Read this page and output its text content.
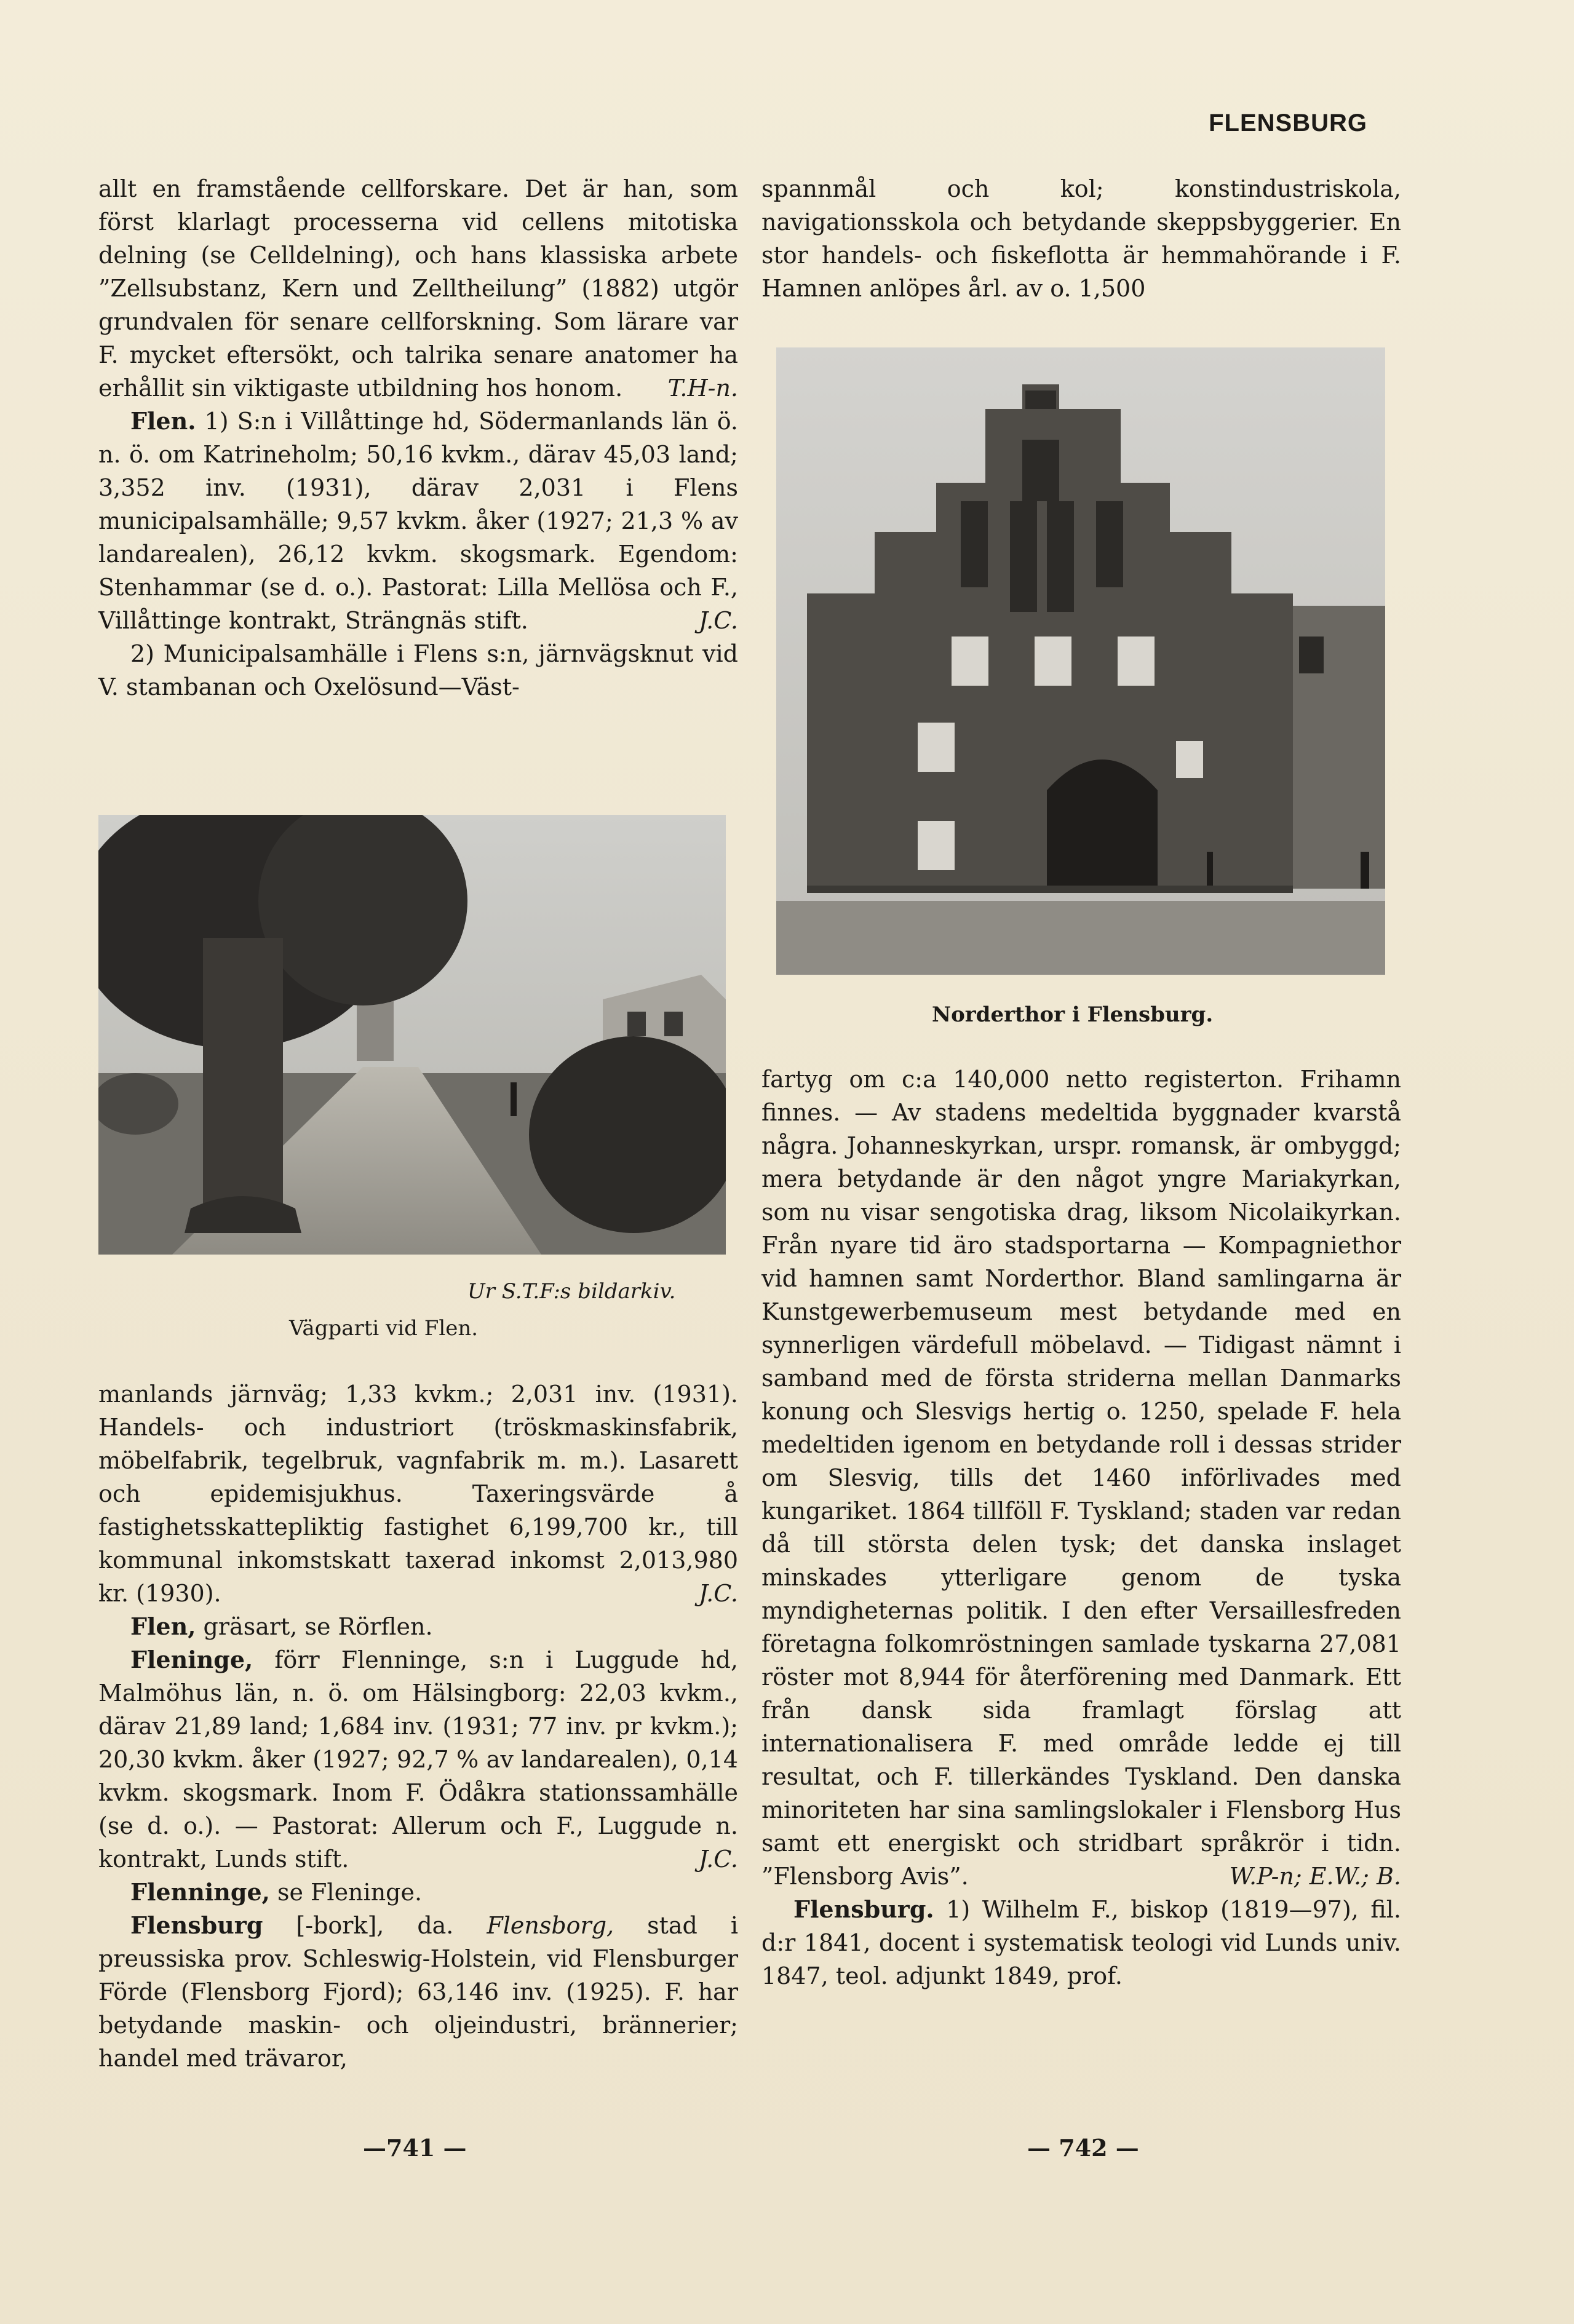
FLENSBURG

allt en framstående cellforskare. Det är han, som först klarlagt processerna vid cellens mitotiska delning (se Celldelning), och hans klassiska arbete ”Zellsubstanz, Kern und Zelltheilung” (1882) utgör grundvalen för senare cellforskning. Som lärare var F. mycket eftersökt, och talrika senare anatomer ha erhållit sin viktigaste utbildning hos honom. T.H-n.

Flen. 1) S:n i Villåttinge hd, Södermanlands län ö. n. ö. om Katrineholm; 50,16 kvkm., därav 45,03 land; 3,352 inv. (1931), därav 2,031 i Flens municipalsamhälle; 9,57 kvkm. åker (1927; 21,3 % av landarealen), 26,12 kvkm. skogsmark. Egendom: Stenhammar (se d. o.). Pastorat: Lilla Mellösa och F., Villåttinge kontrakt, Strängnäs stift.	J.C.

2) Municipalsamhälle i Flens s:n, järnvägsknut vid V. stambanan och Oxelösund—Väst-

Ur S.T.F:s bildarkiv.
Vägparti vid Flen.

manlands järnväg; 1,33 kvkm.; 2,031 inv. (1931). Handels- och industriort (tröskmaskinsfabrik, möbelfabrik, tegelbruk, vagnfabrik m. m.). Lasarett och epidemisjukhus. Taxeringsvärde å fastighetsskattepliktig fastighet 6,199,700 kr., till kommunal inkomstskatt taxerad inkomst 2,013,980 kr. (1930).	J.C.

Flen, gräsart, se Rörflen.

Fleninge, förr Flenninge, s:n i Luggude hd, Malmöhus län, n. ö. om Hälsingborg: 22,03 kvkm., därav 21,89 land; 1,684 inv. (1931; 77 inv. pr kvkm.); 20,30 kvkm. åker (1927; 92,7 % av landarealen), 0,14 kvkm. skogsmark. Inom F. Ödåkra stationssamhälle (se d. o.). — Pastorat: Allerum och F., Luggude n. kontrakt, Lunds stift.	J.C.

Flenninge, se Fleninge.

Flensburg [-bork], da. Flensborg, stad i preussiska prov. Schleswig-Holstein, vid Flensburger Förde (Flensborg Fjord); 63,146 inv. (1925). F. har betydande maskin- och oljeindustri, brännerier; handel med trävaror,

spannmål och kol; konstindustriskola, navigationsskola och betydande skeppsbyggerier. En stor handels- och fiskeflotta är hemmahörande i F. Hamnen anlöpes årl. av o. 1,500

Norderthor i Flensburg.

fartyg om c:a 140,000 netto registerton. Frihamn finnes. — Av stadens medeltida byggnader kvarstå några. Johanneskyrkan, urspr. romansk, är ombyggd; mera betydande är den något yngre Mariakyrkan, som nu visar sengotiska drag, liksom Nicolaikyrkan. Från nyare tid äro stadsportarna — Kompagniethor vid hamnen samt Norderthor. Bland samlingarna är Kunstgewerbemuseum mest betydande med en synnerligen värdefull möbelavd. — Tidigast nämnt i samband med de första striderna mellan Danmarks konung och Slesvigs hertig o. 1250, spelade F. hela medeltiden igenom en betydande roll i dessas strider om Slesvig, tills det 1460 införlivades med kungariket. 1864 tillföll F. Tyskland; staden var redan då till största delen tysk; det danska inslaget minskades ytterligare genom de tyska myndigheternas politik. I den efter Versaillesfreden företagna folkomröstningen samlade tyskarna 27,081 röster mot 8,944 för återförening med Danmark. Ett från dansk sida framlagt förslag att internationalisera F. med område ledde ej till resultat, och F. tillerkändes Tyskland. Den danska minoriteten har sina samlingslokaler i Flensborg Hus samt ett energiskt och stridbart språkrör i tidn. ”Flensborg Avis”.	W.P-n; E.W.; B.

Flensburg. 1) Wilhelm F., biskop (1819—97), fil. d:r 1841, docent i systematisk teologi vid Lunds univ. 1847, teol. adjunkt 1849, prof.

—741 —	— 742 —
